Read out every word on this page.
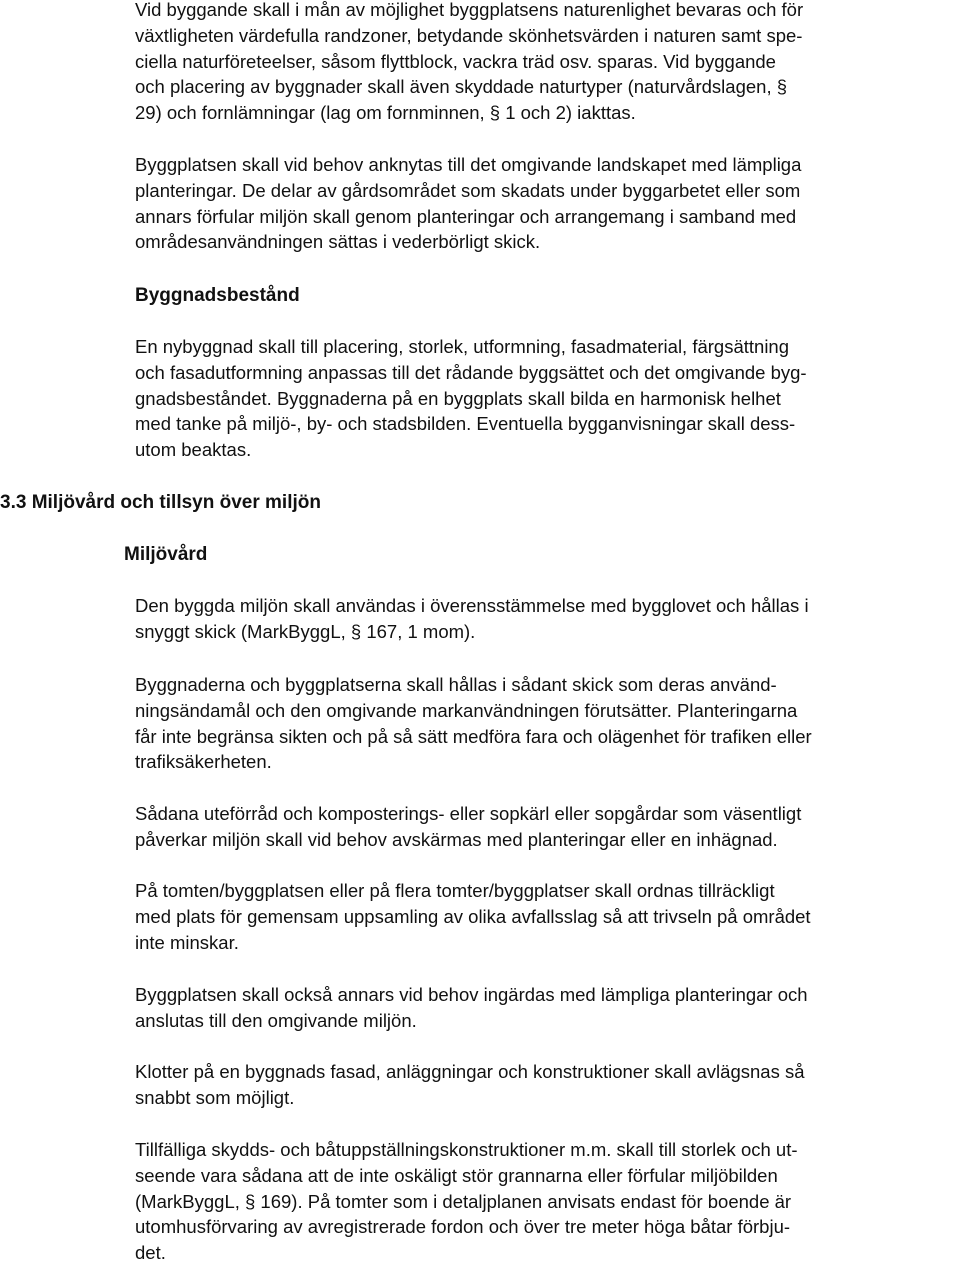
Vid byggande skall i mån av möjlighet byggplatsens naturenlighet bevaras och för
växtligheten värdefulla randzoner, betydande skönhetsvärden i naturen samt spe-
ciella naturföreteelser, såsom flyttblock, vackra träd osv. sparas. Vid byggande
och placering av byggnader skall även skyddade naturtyper (naturvårdslagen, §
29) och fornlämningar (lag om fornminnen, § 1 och 2) iakttas.

Byggplatsen skall vid behov anknytas till det omgivande landskapet med lämpliga
planteringar. De delar av gårdsområdet som skadats under byggarbetet eller som
annars förfular miljön skall genom planteringar och arrangemang i samband med
områdesanvändningen sättas i vederbörligt skick.

Byggnadsbestånd

En nybyggnad skall till placering, storlek, utformning, fasadmaterial, färgsättning
och fasadutformning anpassas till det rådande byggsättet och det omgivande byg-
gnadsbeståndet. Byggnaderna på en byggplats skall bilda en harmonisk helhet
med tanke på miljö-, by- och stadsbilden. Eventuella bygganvisningar skall dess-
utom beaktas.

3.3 Miljövård och tillsyn över miljön
Miljövård

Den byggda miljön skall användas i överensstämmelse med bygglovet och hållas i
snyggt skick (MarkByggL, § 167, 1 mom).

Byggnaderna och byggplatserna skall hållas i sådant skick som deras använd-
ningsändamål och den omgivande markanvändningen förutsätter. Planteringarna
får inte begränsa sikten och på så sätt medföra fara och olägenhet för trafiken eller
trafiksäkerheten.

Sådana uteförråd och komposterings- eller sopkärl eller sopgårdar som väsentligt
påverkar miljön skall vid behov avskärmas med planteringar eller en inhägnad.

På tomten/byggplatsen eller på flera tomter/byggplatser skall ordnas tillräckligt
med plats för gemensam uppsamling av olika avfallsslag så att trivseln på området
inte minskar.

Byggplatsen skall också annars vid behov ingärdas med lämpliga planteringar och
anslutas till den omgivande miljön.

Klotter på en byggnads fasad, anläggningar och konstruktioner skall avlägsnas så
snabbt som möjligt.

Tillfälliga skydds- och båtuppställningskonstruktioner m.m. skall till storlek och ut-
seende vara sådana att de inte oskäligt stör grannarna eller förfular miljöbilden
(MarkByggL, § 169). På tomter som i detaljplanen anvisats endast för boende är
utomhusförvaring av avregistrerade fordon och över tre meter höga båtar förbju-
det.
